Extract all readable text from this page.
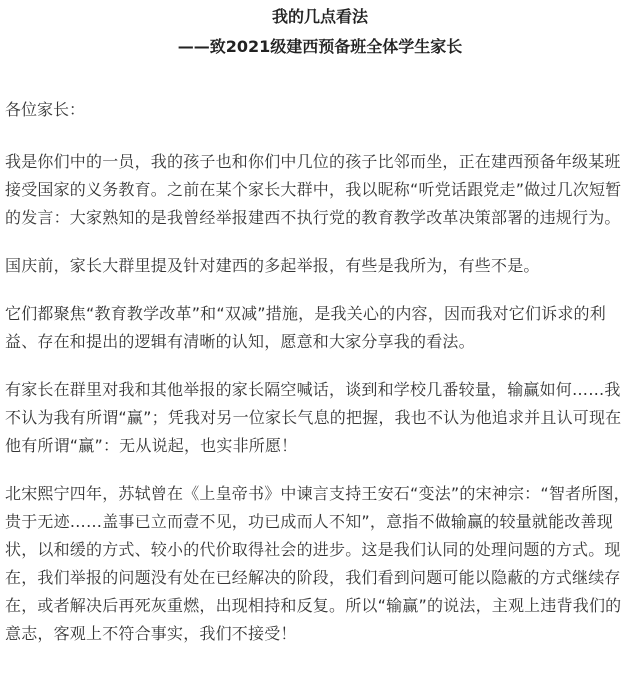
我的几点看法
——致2021级建西预备班全体学生家长

各位家长：

我是你们中的一员，我的孩子也和你们中几位的孩子比邻而坐，正在建西预备年级某班接受国家的义务教育。之前在某个家长大群中，我以昵称“听党话跟党走”做过几次短暂的发言：大家熟知的是我曾经举报建西不执行党的教育教学改革决策部署的违规行为。

国庆前，家长大群里提及针对建西的多起举报，有些是我所为，有些不是。

它们都聚焦“教育教学改革”和“双减”措施，是我关心的内容，因而我对它们诉求的利益、存在和提出的逻辑有清晰的认知，愿意和大家分享我的看法。

有家长在群里对我和其他举报的家长隔空喊话，谈到和学校几番较量，输赢如何……我不认为我有所谓“赢”；凭我对另一位家长气息的把握，我也不认为他追求并且认可现在他有所谓“赢”：无从说起，也实非所愿！

北宋熙宁四年，苏轼曾在《上皇帝书》中谏言支持王安石“变法”的宋神宗：“智者所图，贵于无迹……盖事已立而壹不见，功已成而人不知”，意指不做输赢的较量就能改善现状，以和缓的方式、较小的代价取得社会的进步。这是我们认同的处理问题的方式。现在，我们举报的问题没有处在已经解决的阶段，我们看到问题可能以隐蔽的方式继续存在，或者解决后再死灰重燃，出现相持和反复。所以“输赢”的说法，主观上违背我们的意志，客观上不符合事实，我们不接受！
